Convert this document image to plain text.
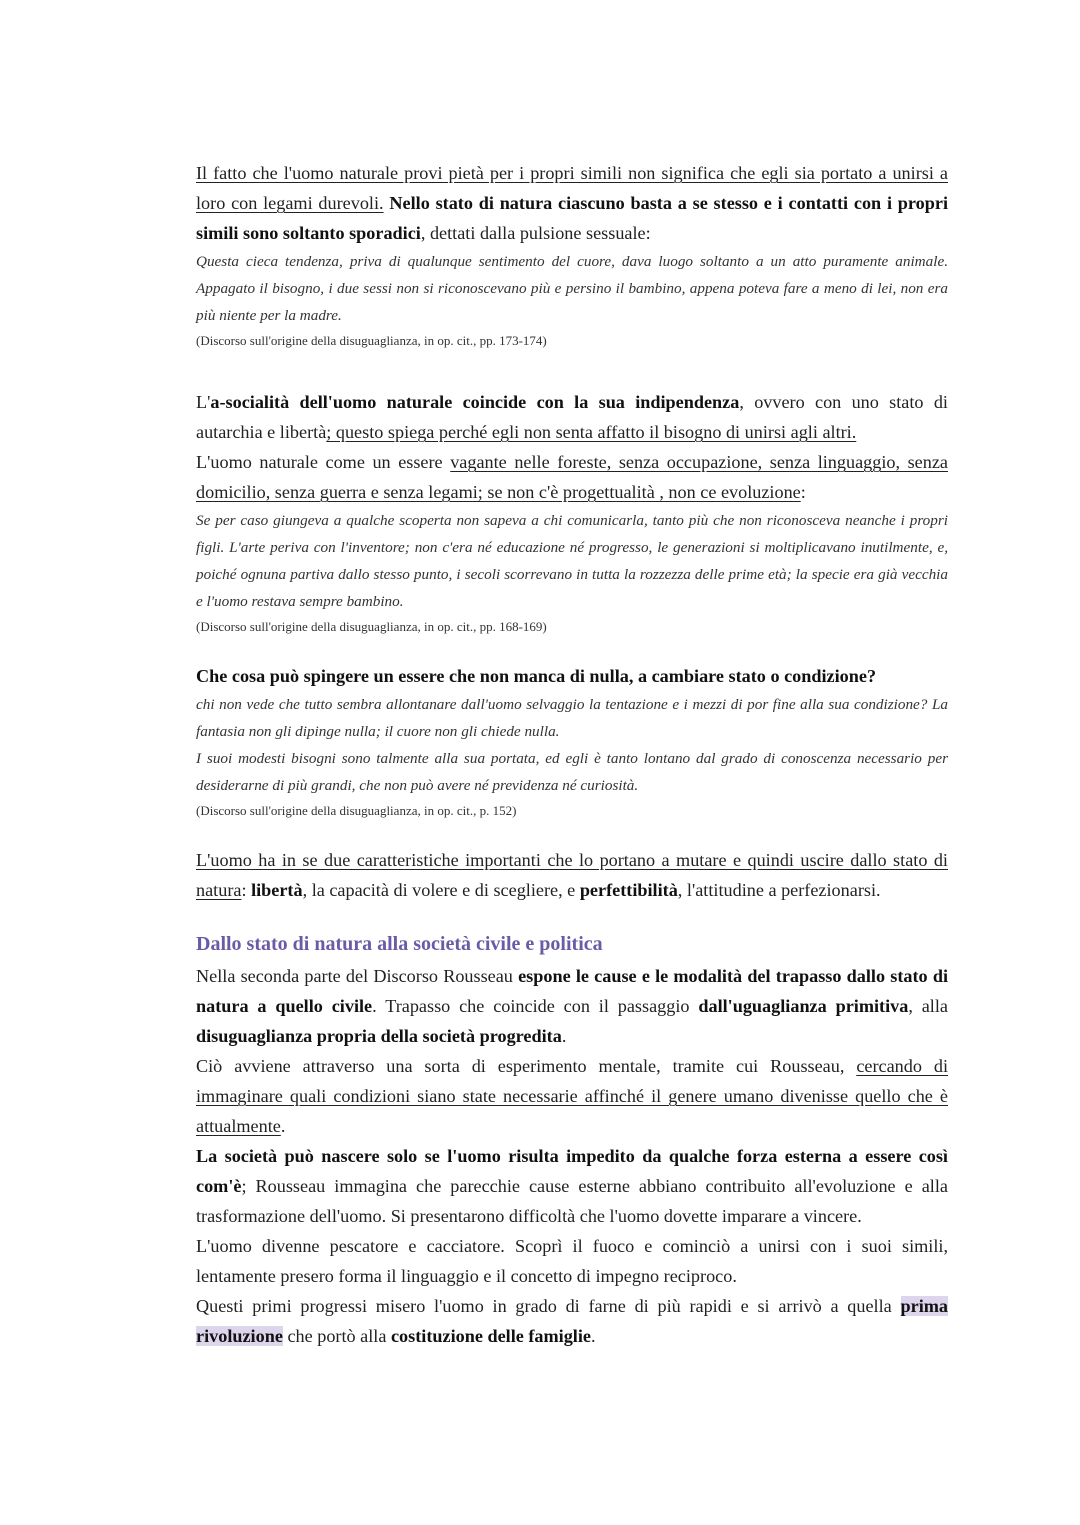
Il fatto che l'uomo naturale provi pietà per i propri simili non significa che egli sia portato a unirsi a loro con legami durevoli. Nello stato di natura ciascuno basta a se stesso e i contatti con i propri simili sono soltanto sporadici, dettati dalla pulsione sessuale:

Questa cieca tendenza, priva di qualunque sentimento del cuore, dava luogo soltanto a un atto puramente animale. Appagato il bisogno, i due sessi non si riconoscevano più e persino il bambino, appena poteva fare a meno di lei, non era più niente per la madre.

(Discorso sull'origine della disuguaglianza, in op. cit., pp. 173-174)

L'a-socialità dell'uomo naturale coincide con la sua indipendenza, ovvero con uno stato di autarchia e libertà; questo spiega perché egli non senta affatto il bisogno di unirsi agli altri.
L'uomo naturale come un essere vagante nelle foreste, senza occupazione, senza linguaggio, senza domicilio, senza guerra e senza legami; se non c'è progettualità , non ce evoluzione:

Se per caso giungeva a qualche scoperta non sapeva a chi comunicarla, tanto più che non riconosceva neanche i propri figli. L'arte periva con l'inventore; non c'era né educazione né progresso, le generazioni si moltiplicavano inutilmente, e, poiché ognuna partiva dallo stesso punto, i secoli scorrevano in tutta la rozzezza delle prime età; la specie era già vecchia e l'uomo restava sempre bambino.

(Discorso sull'origine della disuguaglianza, in op. cit., pp. 168-169)

Che cosa può spingere un essere che non manca di nulla, a cambiare stato o condizione?

chi non vede che tutto sembra allontanare dall'uomo selvaggio la tentazione e i mezzi di por fine alla sua condizione? La fantasia non gli dipinge nulla; il cuore non gli chiede nulla.

I suoi modesti bisogni sono talmente alla sua portata, ed egli è tanto lontano dal grado di conoscenza necessario per desiderarne di più grandi, che non può avere né previdenza né curiosità.

(Discorso sull'origine della disuguaglianza, in op. cit., p. 152)

L'uomo ha in se due caratteristiche importanti che lo portano a mutare e quindi uscire dallo stato di natura: libertà, la capacità di volere e di scegliere, e perfettibilità, l'attitudine a perfezionarsi.

Dallo stato di natura alla società civile e politica

Nella seconda parte del Discorso Rousseau espone le cause e le modalità del trapasso dallo stato di natura a quello civile. Trapasso che coincide con il passaggio dall'uguaglianza primitiva, alla disuguaglianza propria della società progredita.

Ciò avviene attraverso una sorta di esperimento mentale, tramite cui Rousseau, cercando di immaginare quali condizioni siano state necessarie affinché il genere umano divenisse quello che è attualmente.

La società può nascere solo se l'uomo risulta impedito da qualche forza esterna a essere così com'è; Rousseau immagina che parecchie cause esterne abbiano contribuito all'evoluzione e alla trasformazione dell'uomo. Si presentarono difficoltà che l'uomo dovette imparare a vincere.

L'uomo divenne pescatore e cacciatore. Scoprì il fuoco e cominciò a unirsi con i suoi simili, lentamente presero forma il linguaggio e il concetto di impegno reciproco.

Questi primi progressi misero l'uomo in grado di farne di più rapidi e si arrivò a quella prima rivoluzione che portò alla costituzione delle famiglie.
